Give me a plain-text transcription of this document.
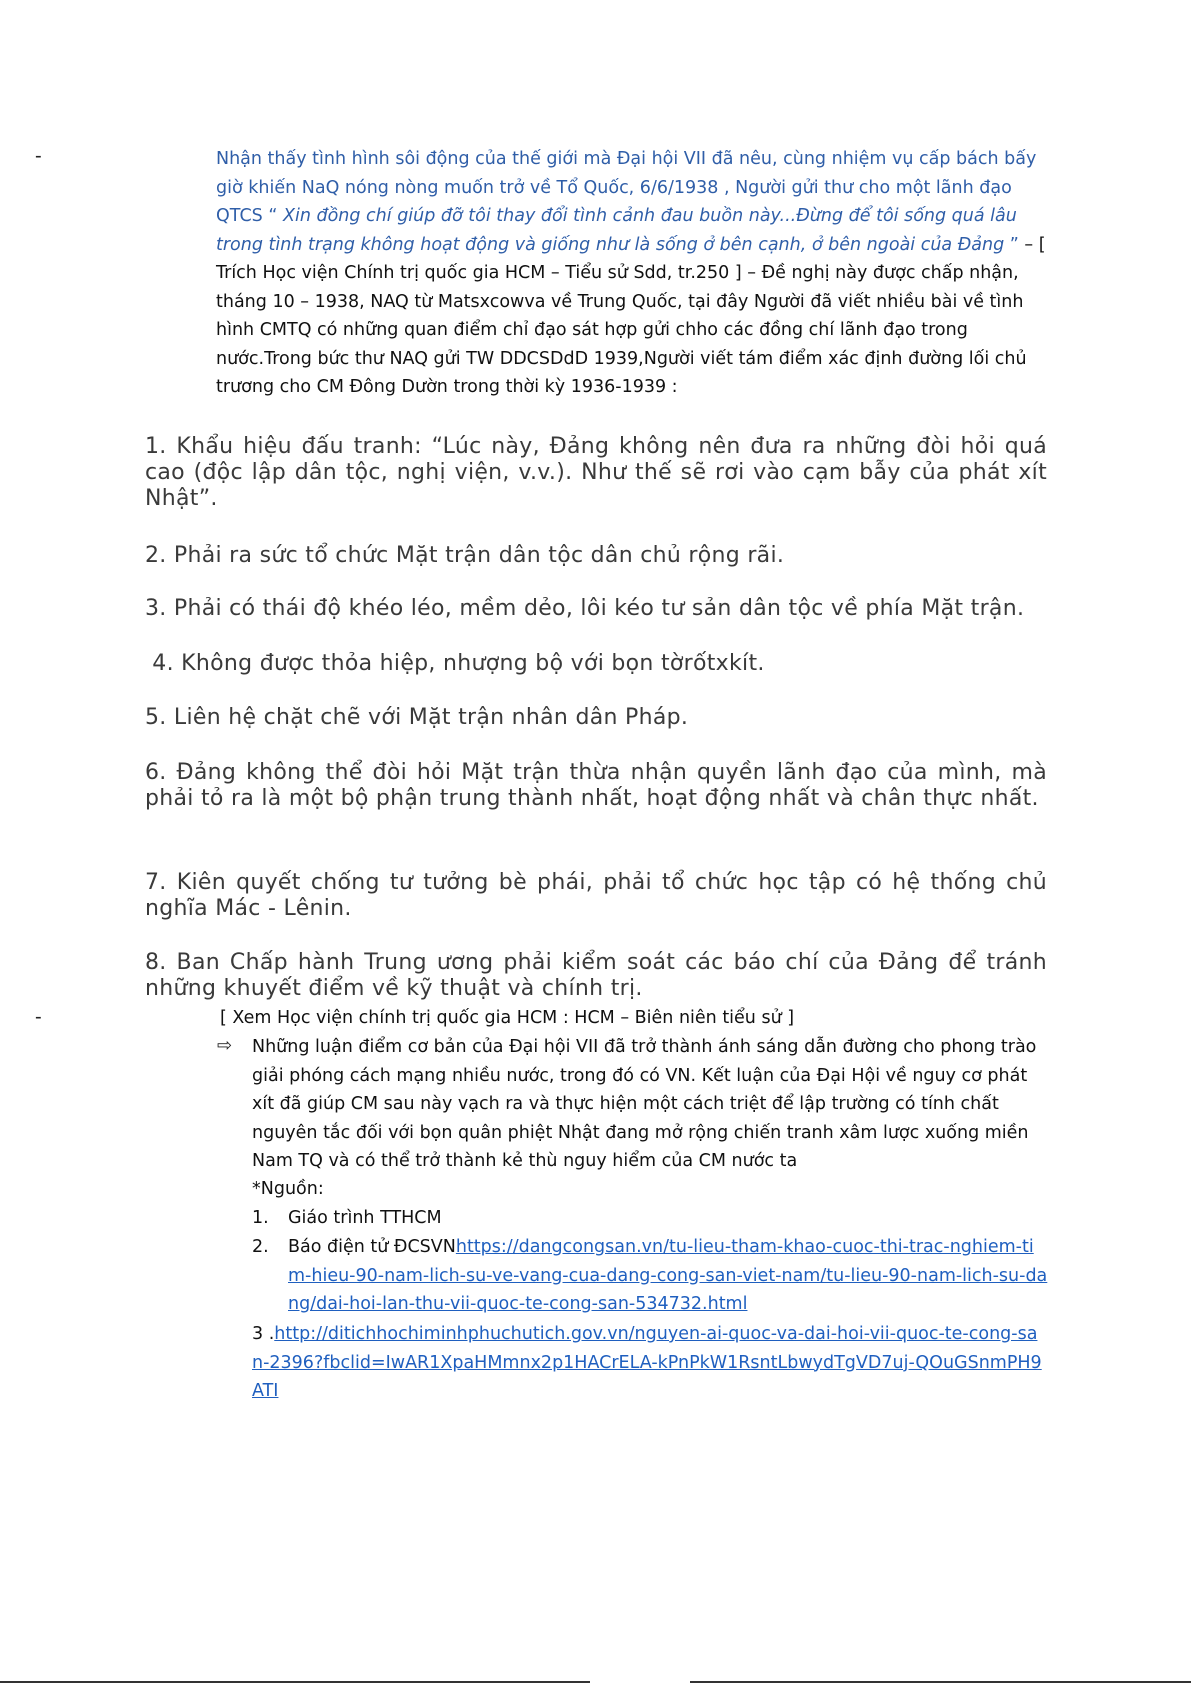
-	Nhận thấy tình hình sôi động của thế giới mà Đại hội VII đã nêu, cùng nhiệm vụ cấp bách bấy giờ khiến NaQ nóng nòng muốn trở về Tổ Quốc, 6/6/1938 , Người gửi thư cho một lãnh đạo QTCS “ Xin đồng chí giúp đỡ tôi thay đổi tình cảnh đau buồn này...Đừng để tôi sống quá lâu trong tình trạng không hoạt động và giống như là sống ở bên cạnh, ở bên ngoài của Đảng ” – [ Trích Học viện Chính trị quốc gia HCM – Tiểu sử Sdd, tr.250 ] – Đề nghị này được chấp nhận, tháng 10 – 1938, NAQ từ Matsxcowva về Trung Quốc, tại đây Người đã viết nhiều bài về tình hình CMTQ có những quan điểm chỉ đạo sát hợp gửi chho các đồng chí lãnh đạo trong nước.Trong bức thư NAQ gửi TW DDCSDdD 1939,Người viết tám điểm xác định đường lối chủ trương cho CM Đông Dườn trong thời kỳ 1936-1939 :
1. Khẩu hiệu đấu tranh: “Lúc này, Đảng không nên đưa ra những đòi hỏi quá cao (độc lập dân tộc, nghị viện, v.v.). Như thế sẽ rơi vào cạm bẫy của phát xít Nhật”.
2. Phải ra sức tổ chức Mặt trận dân tộc dân chủ rộng rãi.
3. Phải có thái độ khéo léo, mềm dẻo, lôi kéo tư sản dân tộc về phía Mặt trận.
4. Không được thỏa hiệp, nhượng bộ với bọn tờrốtxkít.
5. Liên hệ chặt chẽ với Mặt trận nhân dân Pháp.
6. Đảng không thể đòi hỏi Mặt trận thừa nhận quyền lãnh đạo của mình, mà phải tỏ ra là một bộ phận trung thành nhất, hoạt động nhất và chân thực nhất.
7. Kiên quyết chống tư tưởng bè phái, phải tổ chức học tập có hệ thống chủ nghĩa Mác - Lênin.
8. Ban Chấp hành Trung ương phải kiểm soát các báo chí của Đảng để tránh những khuyết điểm về kỹ thuật và chính trị.
-	[ Xem Học viện chính trị quốc gia HCM : HCM – Biên niên tiểu sử ]
⇨ Những luận điểm cơ bản của Đại hội VII đã trở thành ánh sáng dẫn đường cho phong trào giải phóng cách mạng nhiều nước, trong đó có VN. Kết luận của Đại Hội về nguy cơ phát xít đã giúp CM sau này vạch ra và thực hiện một cách triệt để lập trường có tính chất nguyên tắc đối với bọn quân phiệt Nhật đang mở rộng chiến tranh xâm lược xuống miền Nam TQ và có thể trở thành kẻ thù nguy hiểm của CM nước ta
*Nguồn:
1. Giáo trình TTHCM
2. Báo điện tử ĐCSVNhttps://dangcongsan.vn/tu-lieu-tham-khao-cuoc-thi-trac-nghiem-tim-hieu-90-nam-lich-su-ve-vang-cua-dang-cong-san-viet-nam/tu-lieu-90-nam-lich-su-dang/dai-hoi-lan-thu-vii-quoc-te-cong-san-534732.html
3 .http://ditichhochiminhphuchutich.gov.vn/nguyen-ai-quoc-va-dai-hoi-vii-quoc-te-cong-san-2396?fbclid=IwAR1XpaHMmnx2p1HACrELA-kPnPkW1RsntLbwydTgVD7uj-QOuGSnmPH9ATI
